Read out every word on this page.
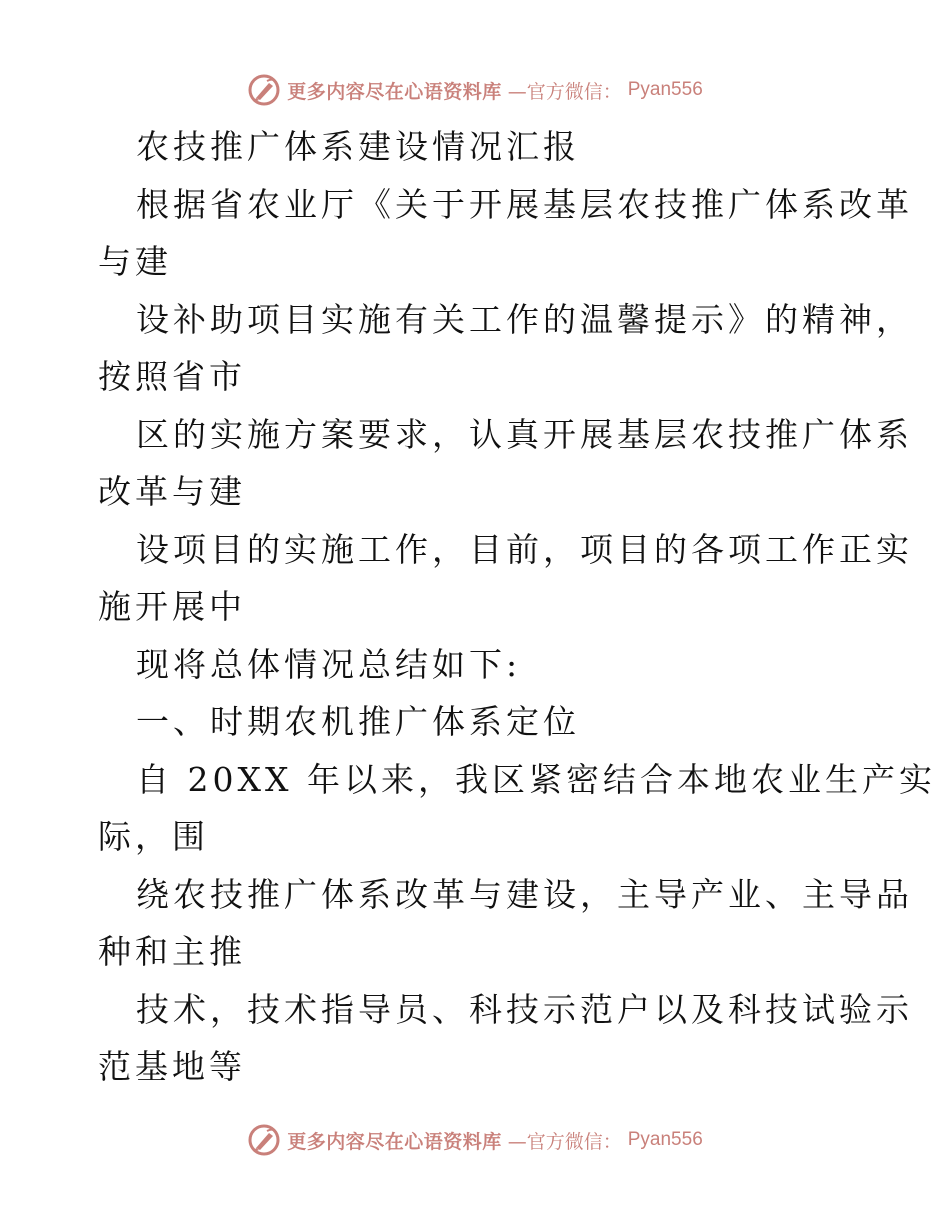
更多内容尽在心语资料库 —官方微信： Pyan556
农技推广体系建设情况汇报
根据省农业厅《关于开展基层农技推广体系改革
与建
设补助项目实施有关工作的温馨提示》的精神，
按照省市
区的实施方案要求，认真开展基层农技推广体系
改革与建
设项目的实施工作，目前，项目的各项工作正实
施开展中
现将总体情况总结如下:
一、时期农机推广体系定位
自 20XX 年以来，我区紧密结合本地农业生产实
际，围
绕农技推广体系改革与建设，主导产业、主导品
种和主推
技术，技术指导员、科技示范户以及科技试验示
范基地等
更多内容尽在心语资料库 —官方微信： Pyan556
